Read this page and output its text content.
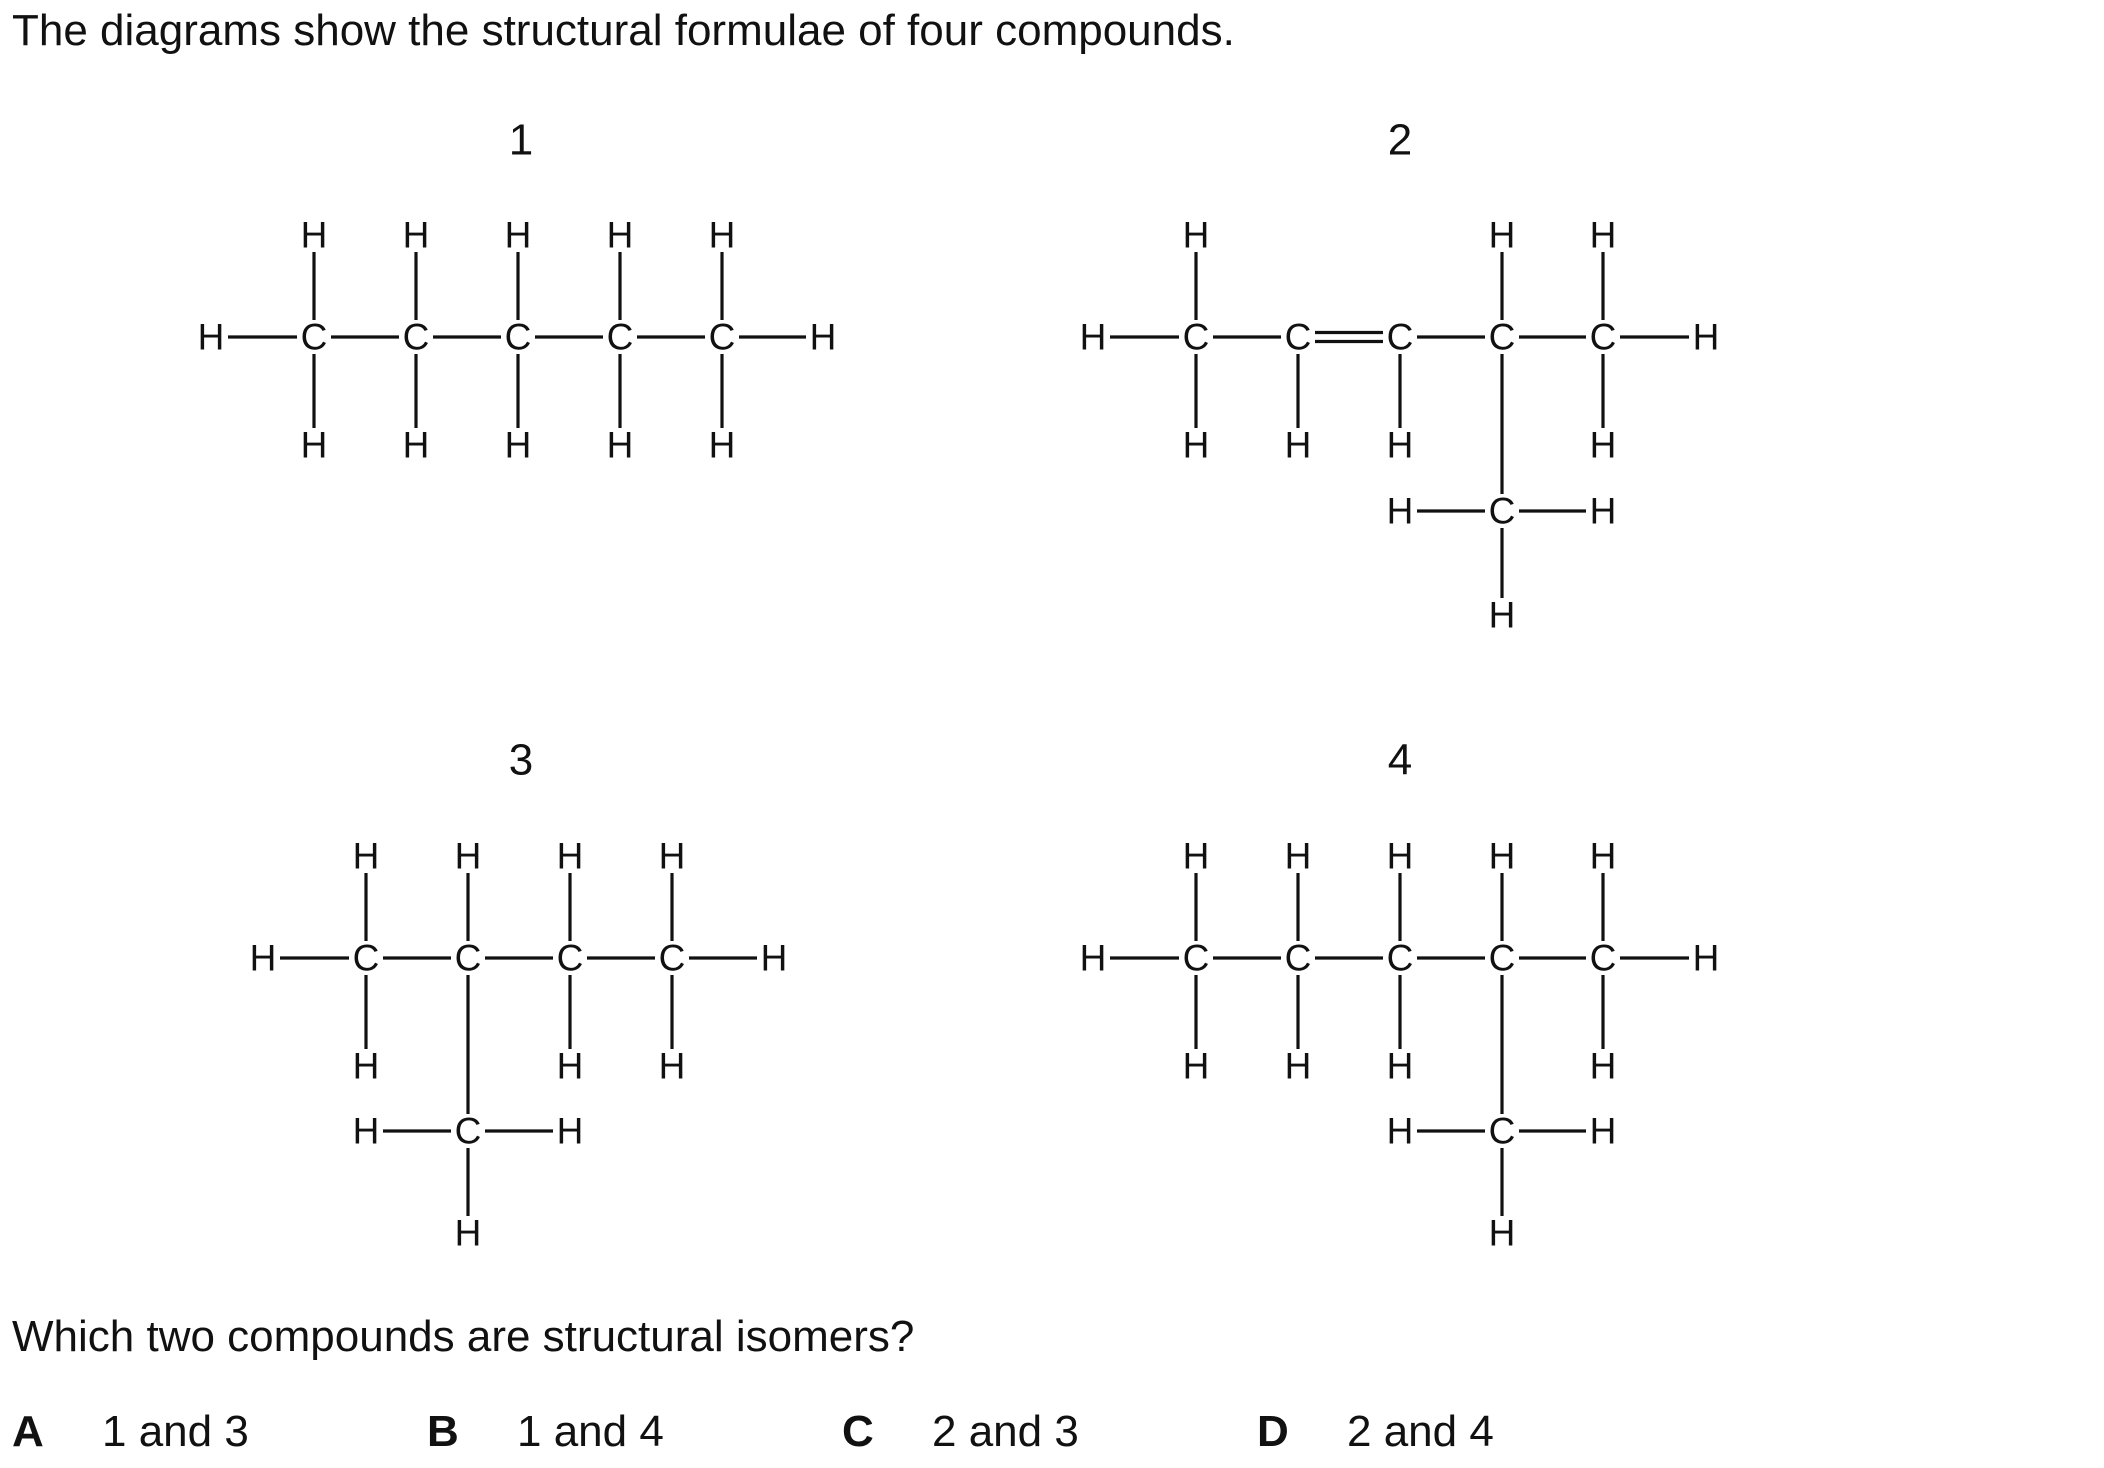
The diagrams show the structural formulae of four compounds.

C C C C C
H	H
H H H H H
H H H H H
1
C C C C C
H	H
H	H H
H H H	H
C
H	H
H
2
C C C C
H	H
H H H H
H	H H
C
H	H
H
3
C C C C C
H	H
H H H H H
H H H	H
C
H	H
H
4

Which two compounds are structural isomers?

A 1 and 3	B 1 and 4	C 2 and 3	D 2 and 4
